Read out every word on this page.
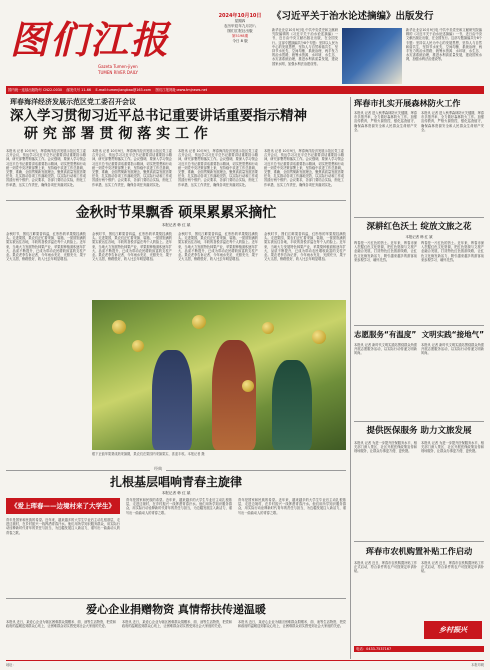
图们江报
Gazeta Tumen-jiyen
TUMEN RIVER DAILY
2024年10月10日
星期四
农历甲辰年九月初八
图们江报社出版
第5198期
今日 8 版
《习近平关于治水论述摘编》出版发行
新华社北京10月9日电 中共中央党史和文献研究院编辑的《习近平关于治水论述摘编》一书，近日由中央文献出版社出版，在全国发行。这部专题摘编共分8个专题：坚持以人民为中心的发展思想，坚持人与自然和谐共生，坚持节水优先、空间均衡、系统治理、两手发力的治水思路，统筹水资源、水环境、水生态、水灾害系统治理，推进水利高质量发展，建设国家水网，加强水利法治建设等。
新华社北京10月9日电 中共中央党史和文献研究院编辑的《习近平关于治水论述摘编》一书，近日由中央文献出版社出版，在全国发行。这部专题摘编共分8个专题：坚持以人民为中心的发展思想，坚持人与自然和谐共生，坚持节水优先、空间均衡、系统治理、两手发力的治水思路，统筹水资源、水环境、水生态、水灾害系统治理，推进水利高质量发展，建设国家水网，加强水利法治建设等。
国内统一连续出版物号 CN22-0030　 邮发代号 11-66　 E-mail:tumenjiangbao@163.com　 图们江报网址:www.tmjnews.net
珲春海洋经济发展示范区党工委召开会议
深入学习贯彻习近平总书记重要讲话重要指示精神
研 究 部 署 贯 彻 落 实 工 作
本报讯 记者 10月9日，珲春海洋经济发展示范区党工委召开会议，传达学习习近平总书记重要讲话重要指示精神，研究部署贯彻落实工作。会议强调，要深入学习领会习近平总书记重要讲话重要指示精神，切实把思想和行动统一到党中央决策部署上来，坚持稳中求进工作总基调，完整、准确、全面贯彻新发展理念，聚焦高质量发展首要任务，扎实推动各项工作落地见效，以实际行动和工作成效践行两个维护。会议要求，各部门要结合实际，细化工作举措，压实工作责任，确保各项任务落到实处。
本报讯 记者 10月9日，珲春海洋经济发展示范区党工委召开会议，传达学习习近平总书记重要讲话重要指示精神，研究部署贯彻落实工作。会议强调，要深入学习领会习近平总书记重要讲话重要指示精神，切实把思想和行动统一到党中央决策部署上来，坚持稳中求进工作总基调，完整、准确、全面贯彻新发展理念，聚焦高质量发展首要任务，扎实推动各项工作落地见效，以实际行动和工作成效践行两个维护。会议要求，各部门要结合实际，细化工作举措，压实工作责任，确保各项任务落到实处。
本报讯 记者 10月9日，珲春海洋经济发展示范区党工委召开会议，传达学习习近平总书记重要讲话重要指示精神，研究部署贯彻落实工作。会议强调，要深入学习领会习近平总书记重要讲话重要指示精神，切实把思想和行动统一到党中央决策部署上来，坚持稳中求进工作总基调，完整、准确、全面贯彻新发展理念，聚焦高质量发展首要任务，扎实推动各项工作落地见效，以实际行动和工作成效践行两个维护。会议要求，各部门要结合实际，细化工作举措，压实工作责任，确保各项任务落到实处。
本报讯 记者 10月9日，珲春海洋经济发展示范区党工委召开会议，传达学习习近平总书记重要讲话重要指示精神，研究部署贯彻落实工作。会议强调，要深入学习领会习近平总书记重要讲话重要指示精神，切实把思想和行动统一到党中央决策部署上来，坚持稳中求进工作总基调，完整、准确、全面贯彻新发展理念，聚焦高质量发展首要任务，扎实推动各项工作落地见效，以实际行动和工作成效践行两个维护。会议要求，各部门要结合实际，细化工作举措，压实工作责任，确保各项任务落到实处。
金秋时节果飘香 硕果累累采摘忙
本报记者 韩 红 斌
金秋时节，图们江畔果香四溢，红彤彤的苹果梨挂满枝头。走进果园，果农们正忙着采摘、装箱，一筐筐饱满的果实被运往各地，丰收的喜悦洋溢在每个人的脸上。近年来，当地大力发展特色林果产业，苹果梨种植面积逐年扩大，品质不断提升，已成为带动农民增收致富的支柱产业。果农老李告诉记者，今年雨水充足、光照充分，果子又大又甜，销路很好，收入比去年明显增加。
金秋时节，图们江畔果香四溢，红彤彤的苹果梨挂满枝头。走进果园，果农们正忙着采摘、装箱，一筐筐饱满的果实被运往各地，丰收的喜悦洋溢在每个人的脸上。近年来，当地大力发展特色林果产业，苹果梨种植面积逐年扩大，品质不断提升，已成为带动农民增收致富的支柱产业。果农老李告诉记者，今年雨水充足、光照充分，果子又大又甜，销路很好，收入比去年明显增加。
金秋时节，图们江畔果香四溢，红彤彤的苹果梨挂满枝头。走进果园，果农们正忙着采摘、装箱，一筐筐饱满的果实被运往各地，丰收的喜悦洋溢在每个人的脸上。近年来，当地大力发展特色林果产业，苹果梨种植面积逐年扩大，品质不断提升，已成为带动农民增收致富的支柱产业。果农老李告诉记者，今年雨水充足、光照充分，果子又大又甜，销路很好，收入比去年明显增加。
金秋时节，图们江畔果香四溢，红彤彤的苹果梨挂满枝头。走进果园，果农们正忙着采摘、装箱，一筐筐饱满的果实被运往各地，丰收的喜悦洋溢在每个人的脸上。近年来，当地大力发展特色林果产业，苹果梨种植面积逐年扩大，品质不断提升，已成为带动农民增收致富的支柱产业。果农老李告诉记者，今年雨水充足、光照充分，果子又大又甜，销路很好，收入比去年明显增加。
眼下正值苹果梨成熟采摘期，果农们在果园内采摘果实，喜迎丰收。本报记者 摄
经典
扎根基层唱响青春主旋律
本报记者 韩 红 斌
《爱上珲春——边境村来了大学生》
青年是国家和民族的希望。近年来，越来越多的大学生毕业后主动扎根基层，走进边境村，在乡村振兴一线挥洒青春汗水。他们用所学知识服务群众，用实际行动诠释新时代青年的责任与担当，为边疆发展注入新活力，谱写出一曲曲动人的青春之歌。
青年是国家和民族的希望。近年来，越来越多的大学生毕业后主动扎根基层，走进边境村，在乡村振兴一线挥洒青春汗水。他们用所学知识服务群众，用实际行动诠释新时代青年的责任与担当，为边疆发展注入新活力，谱写出一曲曲动人的青春之歌。
青年是国家和民族的希望。近年来，越来越多的大学生毕业后主动扎根基层，走进边境村，在乡村振兴一线挥洒青春汗水。他们用所学知识服务群众，用实际行动诠释新时代青年的责任与担当，为边疆发展注入新活力，谱写出一曲曲动人的青春之歌。
爱心企业捐赠物资 真情帮扶传递温暖
本报讯 近日，某爱心企业为辖区困难群众捐赠米、面、油等生活物资，把党和政府的温暖送到群众心坎上，让困难群众切实感受到社会大家庭的关爱。
本报讯 近日，某爱心企业为辖区困难群众捐赠米、面、油等生活物资，把党和政府的温暖送到群众心坎上，让困难群众切实感受到社会大家庭的关爱。
本报讯 近日，某爱心企业为辖区困难群众捐赠米、面、油等生活物资，把党和政府的温暖送到群众心坎上，让困难群众切实感受到社会大家庭的关爱。
珲春市扎实开展森林防火工作
本报讯 记者 进入秋季森林防火关键期，珲春市多措并举，全力做好森林防火工作。加强宣传教育，严格火源管控，强化巡查值守，确保森林资源安全和人民群众生命财产安全。
本报讯 记者 进入秋季森林防火关键期，珲春市多措并举，全力做好森林防火工作。加强宣传教育，严格火源管控，强化巡查值守，确保森林资源安全和人民群众生命财产安全。
深耕红色沃土 绽放文旅之花
本报记者 韩 红 斌
珲春是一片红色的热土。近年来，珲春市深入挖掘红色文化资源，把红色资源与文旅产业融合发展，打造特色红色旅游线路，让红色文化焕发新活力，吸引越来越多的游客前来参观学习、缅怀先烈。
珲春是一片红色的热土。近年来，珲春市深入挖掘红色文化资源，把红色资源与文旅产业融合发展，打造特色红色旅游线路，让红色文化焕发新活力，吸引越来越多的游客前来参观学习、缅怀先烈。
志愿服务“有温度” 文明实践“接地气”
本报讯 记者 新时代文明实践站围绕群众所需开展志愿服务活动，以实际行动传递文明新风尚。
本报讯 记者 新时代文明实践站围绕群众所需开展志愿服务活动，以实际行动传递文明新风尚。
提供医保服务 助力文旅发展
本报讯 记者 为进一步提升医保服务水平，相关部门深入景区、社区开展医保政策宣传和现场服务，让群众办事更方便、更快捷。
本报讯 记者 为进一步提升医保服务水平，相关部门深入景区、社区开展医保政策宣传和现场服务，让群众办事更方便、更快捷。
珲春市农机购置补贴工作启动
本报讯 记者 近日，珲春市农机购置补贴工作正式启动，符合条件的农户可按规定申请补贴。
本报讯 记者 近日，珲春市农机购置补贴工作正式启动，符合条件的农户可按规定申请补贴。
乡村振兴
电话：0433-7537167
地址：	本报印刷
